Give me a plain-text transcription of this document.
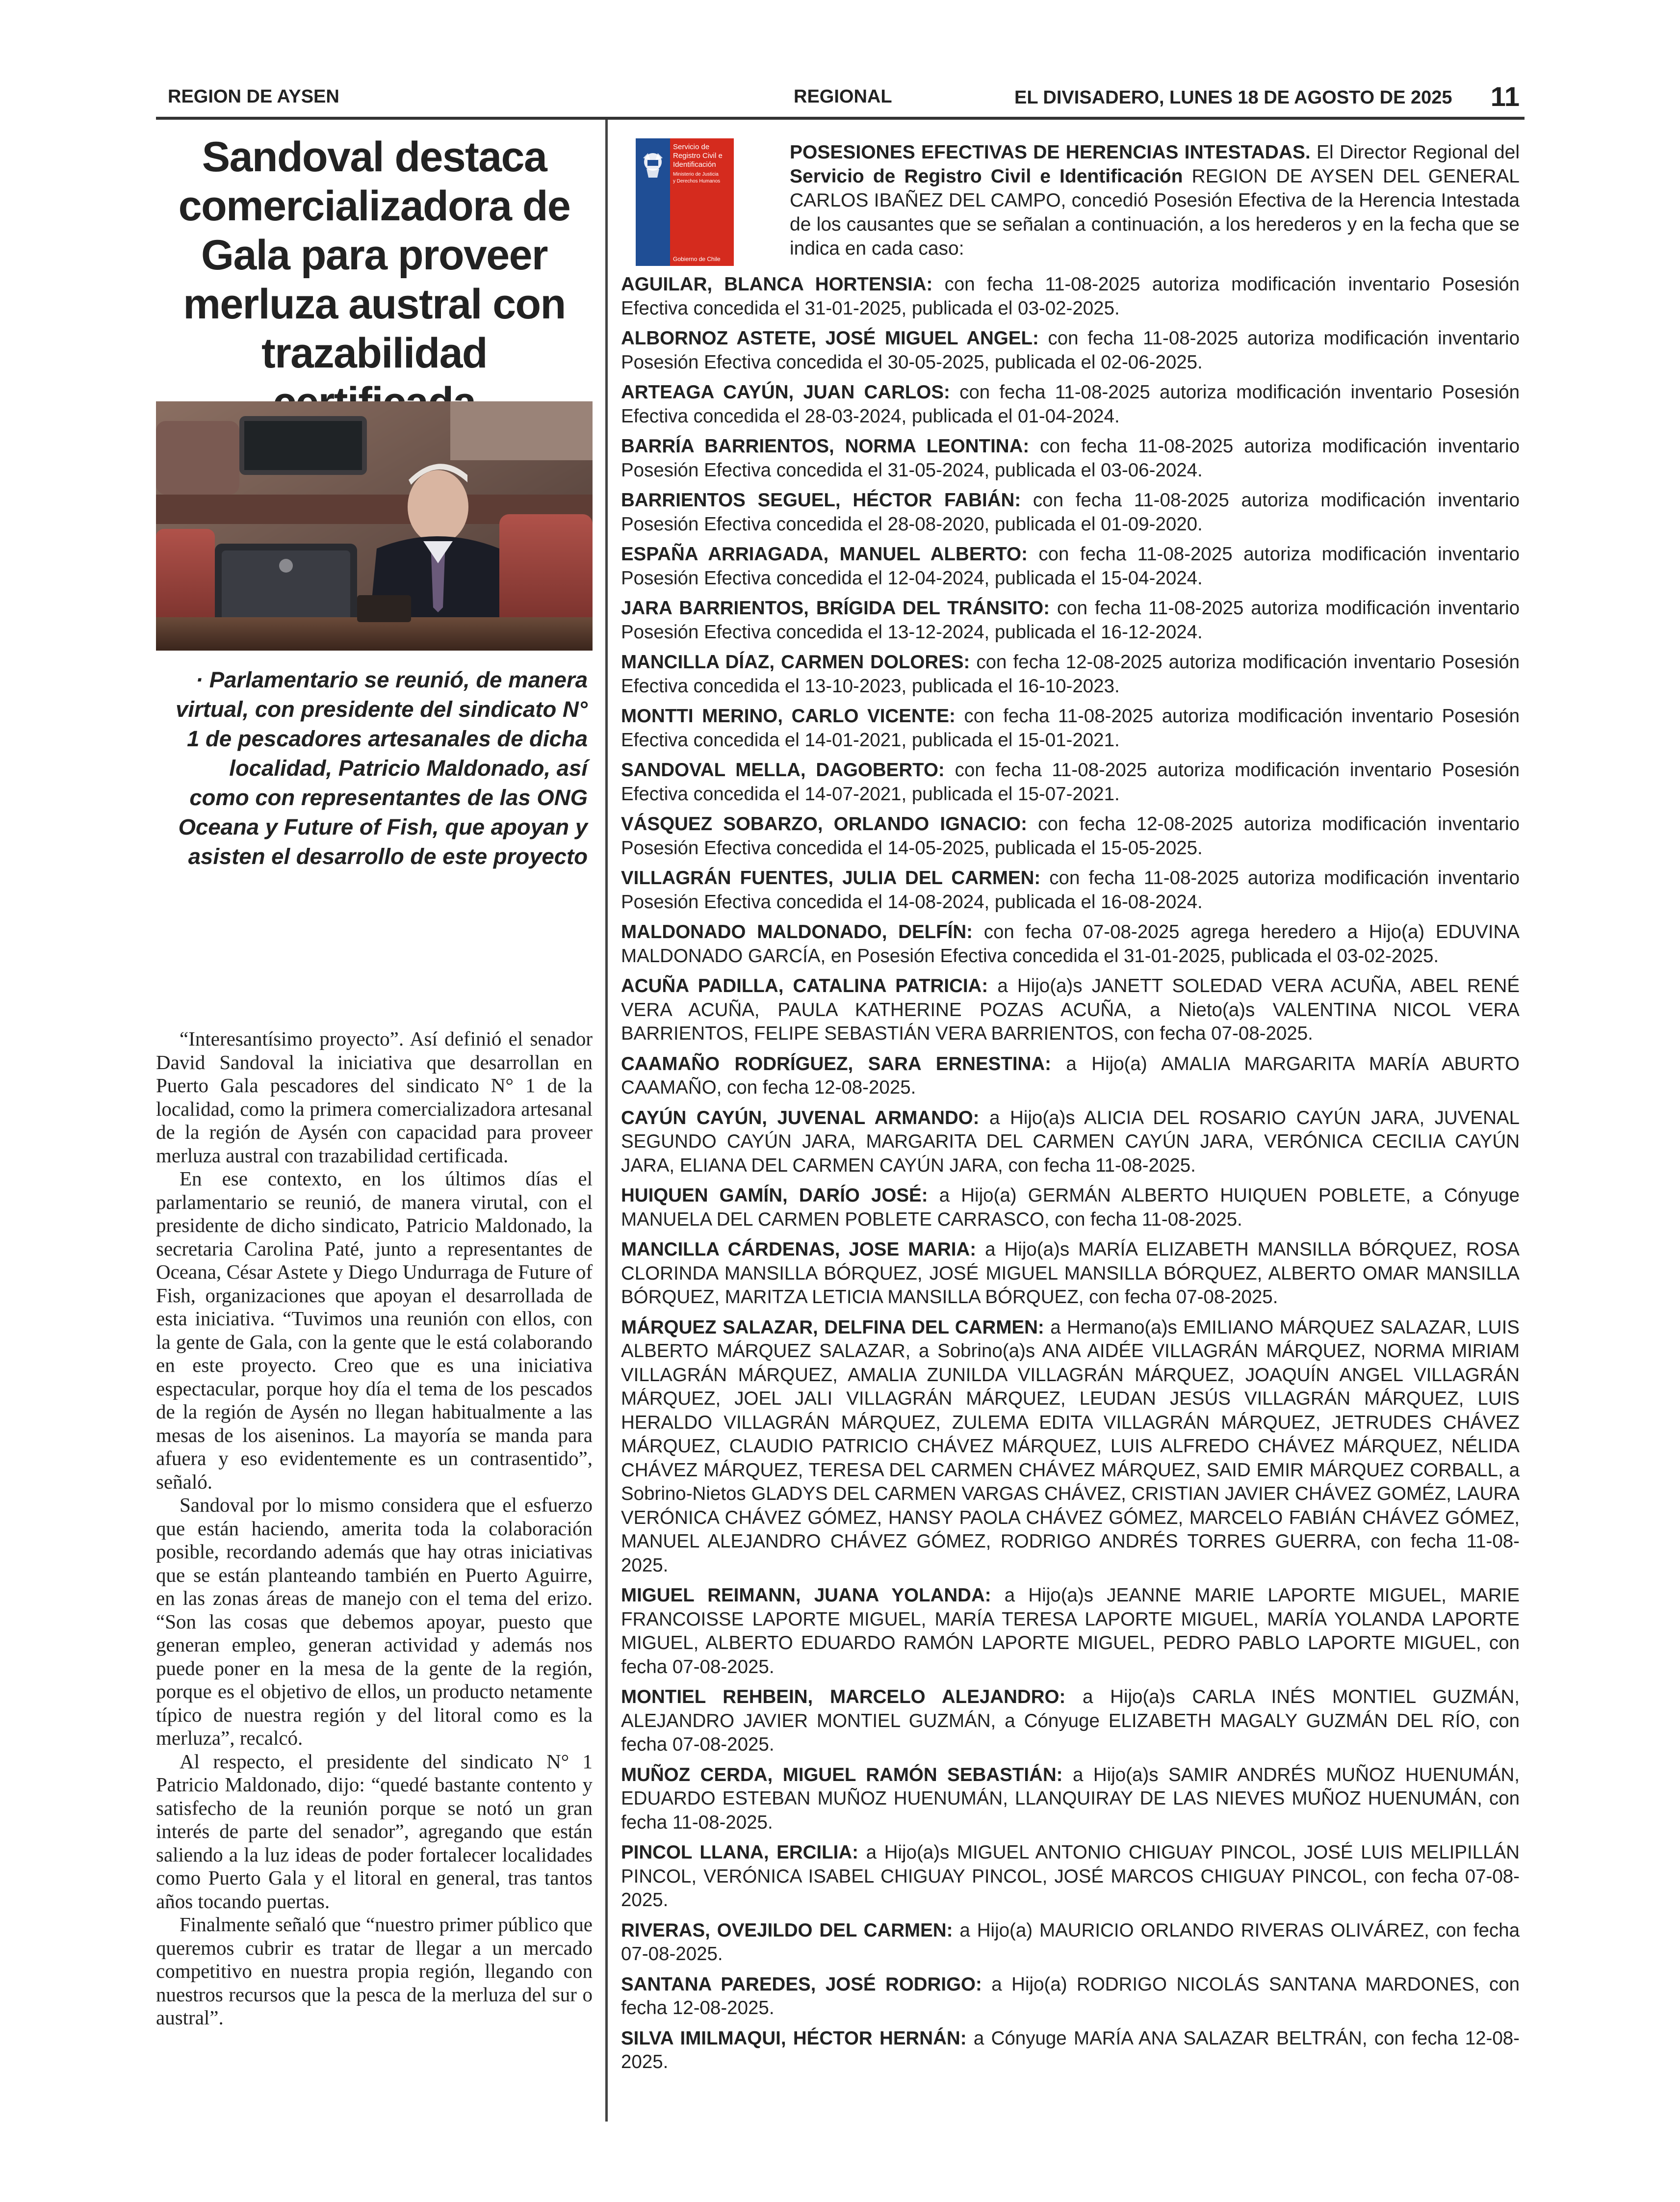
REGION DE AYSEN	REGIONAL	EL DIVISADERO, LUNES 18 DE AGOSTO DE 2025 11
Sandoval destaca comercializadora de Gala para proveer merluza austral con trazabilidad

· Parlamentario se reunió, de manera virtual, con presidente del sindicato N° 1 de pescadores artesanales de dicha localidad, Patricio Maldonado, así como con representantes de las ONG Oceana y Future of Fish, que apoyan y asisten el desarrollo de este proyecto

“Interesantísimo proyecto”. Así definió el senador David Sandoval la iniciativa que desarrollan en Puerto Gala pescadores del sindicato N° 1 de la localidad, como la primera comercializadora artesanal de la región de Aysén con capacidad para proveer merluza austral con trazabilidad certificada.

En ese contexto, en los últimos días el parlamentario se reunió, de manera virutal, con el presidente de dicho sindicato, Patricio Maldonado, la secretaria Carolina Paté, junto a representantes de Oceana, César Astete y Diego Undurraga de Future of Fish, organizaciones que apoyan el desarrollada de esta iniciativa. “Tuvimos una reunión con ellos, con la gente de Gala, con la gente que le está colaborando en este proyecto. Creo que es una iniciativa espectacular, porque hoy día el tema de los pescados de la región de Aysén no llegan habitualmente a las mesas de los aiseninos. La mayoría se manda para afuera y eso evidentemente es un contrasentido”, señaló.

Sandoval por lo mismo considera que el esfuerzo que están haciendo, amerita toda la colaboración posible, recordando además que hay otras iniciativas que se están planteando también en Puerto Aguirre, en las zonas áreas de manejo con el tema del erizo. “Son las cosas que debemos apoyar, puesto que generan empleo, generan actividad y además nos puede poner en la mesa de la gente de la región, porque es el objetivo de ellos, un producto netamente típico de nuestra región y del litoral como es la merluza”, recalcó.

Al respecto, el presidente del sindicato N° 1 Patricio Maldonado, dijo: “quedé bastante contento y satisfecho de la reunión porque se notó un gran interés de parte del senador”, agregando que están saliendo a la luz ideas de poder fortalecer localidades como Puerto Gala y el litoral en general, tras tantos años tocando puertas.

Finalmente señaló que “nuestro primer público que queremos cubrir es tratar de llegar a un mercado competitivo en nuestra propia región, llegando con nuestros recursos que la pesca de la merluza del sur o austral”.

Servicio de
Registro Civil e
Identificación
Ministerio de Justicia
y Derechos Humanos
Gobierno de Chile

POSESIONES EFECTIVAS DE HERENCIAS INTESTADAS. El Director Regional del Servicio de Registro Civil e Identificación REGION DE AYSEN DEL GENERAL CARLOS IBAÑEZ DEL CAMPO, concedió Posesión Efectiva de la Herencia Intestada de los causantes que se señalan a continuación, a los herederos y en la fecha que se indica en cada caso:

AGUILAR, BLANCA HORTENSIA: con fecha 11-08-2025 autoriza modificación inventario Posesión Efectiva concedida el 31-01-2025, publicada el 03-02-2025.

ALBORNOZ ASTETE, JOSÉ MIGUEL ANGEL: con fecha 11-08-2025 autoriza modificación inventario Posesión Efectiva concedida el 30-05-2025, publicada el 02-06-2025.

ARTEAGA CAYÚN, JUAN CARLOS: con fecha 11-08-2025 autoriza modificación inventario Posesión Efectiva concedida el 28-03-2024, publicada el 01-04-2024.

BARRÍA BARRIENTOS, NORMA LEONTINA: con fecha 11-08-2025 autoriza modificación inventario Posesión Efectiva concedida el 31-05-2024, publicada el 03-06-2024.

BARRIENTOS SEGUEL, HÉCTOR FABIÁN: con fecha 11-08-2025 autoriza modificación inventario Posesión Efectiva concedida el 28-08-2020, publicada el 01-09-2020.

ESPAÑA ARRIAGADA, MANUEL ALBERTO: con fecha 11-08-2025 autoriza modificación inventario Posesión Efectiva concedida el 12-04-2024, publicada el 15-04-2024.

JARA BARRIENTOS, BRÍGIDA DEL TRÁNSITO: con fecha 11-08-2025 autoriza modificación inventario Posesión Efectiva concedida el 13-12-2024, publicada el 16-12-2024.

MANCILLA DÍAZ, CARMEN DOLORES: con fecha 12-08-2025 autoriza modificación inventario Posesión Efectiva concedida el 13-10-2023, publicada el 16-10-2023.

MONTTI MERINO, CARLO VICENTE: con fecha 11-08-2025 autoriza modificación inventario Posesión Efectiva concedida el 14-01-2021, publicada el 15-01-2021.

SANDOVAL MELLA, DAGOBERTO: con fecha 11-08-2025 autoriza modificación inventario Posesión Efectiva concedida el 14-07-2021, publicada el 15-07-2021.

VÁSQUEZ SOBARZO, ORLANDO IGNACIO: con fecha 12-08-2025 autoriza modificación inventario Posesión Efectiva concedida el 14-05-2025, publicada el 15-05-2025.

VILLAGRÁN FUENTES, JULIA DEL CARMEN: con fecha 11-08-2025 autoriza modificación inventario Posesión Efectiva concedida el 14-08-2024, publicada el 16-08-2024.

MALDONADO MALDONADO, DELFÍN: con fecha 07-08-2025 agrega heredero a Hijo(a) EDUVINA MALDONADO GARCÍA, en Posesión Efectiva concedida el 31-01-2025, publicada el 03-02-2025.

ACUÑA PADILLA, CATALINA PATRICIA: a Hijo(a)s JANETT SOLEDAD VERA ACUÑA, ABEL RENÉ VERA ACUÑA, PAULA KATHERINE POZAS ACUÑA, a Nieto(a)s VALENTINA NICOL VERA BARRIENTOS, FELIPE SEBASTIÁN VERA BARRIENTOS, con fecha 07-08-2025.

CAAMAÑO RODRÍGUEZ, SARA ERNESTINA: a Hijo(a) AMALIA MARGARITA MARÍA ABURTO CAAMAÑO, con fecha 12-08-2025.

CAYÚN CAYÚN, JUVENAL ARMANDO: a Hijo(a)s ALICIA DEL ROSARIO CAYÚN JARA, JUVENAL SEGUNDO CAYÚN JARA, MARGARITA DEL CARMEN CAYÚN JARA, VERÓNICA CECILIA CAYÚN JARA, ELIANA DEL CARMEN CAYÚN JARA, con fecha 11-08-2025.

HUIQUEN GAMÍN, DARÍO JOSÉ: a Hijo(a) GERMÁN ALBERTO HUIQUEN POBLETE, a Cónyuge MANUELA DEL CARMEN POBLETE CARRASCO, con fecha 11-08-2025.

MANCILLA CÁRDENAS, JOSE MARIA: a Hijo(a)s MARÍA ELIZABETH MANSILLA BÓRQUEZ, ROSA CLORINDA MANSILLA BÓRQUEZ, JOSÉ MIGUEL MANSILLA BÓRQUEZ, ALBERTO OMAR MANSILLA BÓRQUEZ, MARITZA LETICIA MANSILLA BÓRQUEZ, con fecha 07-08-2025.

MÁRQUEZ SALAZAR, DELFINA DEL CARMEN: a Hermano(a)s EMILIANO MÁRQUEZ SALAZAR, LUIS ALBERTO MÁRQUEZ SALAZAR, a Sobrino(a)s ANA AIDÉE VILLAGRÁN MÁRQUEZ, NORMA MIRIAM VILLAGRÁN MÁRQUEZ, AMALIA ZUNILDA VILLAGRÁN MÁRQUEZ, JOAQUÍN ANGEL VILLAGRÁN MÁRQUEZ, JOEL JALI VILLAGRÁN MÁRQUEZ, LEUDAN JESÚS VILLAGRÁN MÁRQUEZ, LUIS HERALDO VILLAGRÁN MÁRQUEZ, ZULEMA EDITA VILLAGRÁN MÁRQUEZ, JETRUDES CHÁVEZ MÁRQUEZ, CLAUDIO PATRICIO CHÁVEZ MÁRQUEZ, LUIS ALFREDO CHÁVEZ MÁRQUEZ, NÉLIDA CHÁVEZ MÁRQUEZ, TERESA DEL CARMEN CHÁVEZ MÁRQUEZ, SAID EMIR MÁRQUEZ CORBALL, a Sobrino-Nietos GLADYS DEL CARMEN VARGAS CHÁVEZ, CRISTIAN JAVIER CHÁVEZ GOMÉZ, LAURA VERÓNICA CHÁVEZ GÓMEZ, HANSY PAOLA CHÁVEZ GÓMEZ, MARCELO FABIÁN CHÁVEZ GÓMEZ, MANUEL ALEJANDRO CHÁVEZ GÓMEZ, RODRIGO ANDRÉS TORRES GUERRA, con fecha 11-08-2025.

MIGUEL REIMANN, JUANA YOLANDA: a Hijo(a)s JEANNE MARIE LAPORTE MIGUEL, MARIE FRANCOISSE LAPORTE MIGUEL, MARÍA TERESA LAPORTE MIGUEL, MARÍA YOLANDA LAPORTE MIGUEL, ALBERTO EDUARDO RAMÓN LAPORTE MIGUEL, PEDRO PABLO LAPORTE MIGUEL, con fecha 07-08-2025.

MONTIEL REHBEIN, MARCELO ALEJANDRO: a Hijo(a)s CARLA INÉS MONTIEL GUZMÁN, ALEJANDRO JAVIER MONTIEL GUZMÁN, a Cónyuge ELIZABETH MAGALY GUZMÁN DEL RÍO, con fecha 07-08-2025.

MUÑOZ CERDA, MIGUEL RAMÓN SEBASTIÁN: a Hijo(a)s SAMIR ANDRÉS MUÑOZ HUENUMÁN, EDUARDO ESTEBAN MUÑOZ HUENUMÁN, LLANQUIRAY DE LAS NIEVES MUÑOZ HUENUMÁN, con fecha 11-08-2025.

PINCOL LLANA, ERCILIA: a Hijo(a)s MIGUEL ANTONIO CHIGUAY PINCOL, JOSÉ LUIS MELIPILLÁN PINCOL, VERÓNICA ISABEL CHIGUAY PINCOL, JOSÉ MARCOS CHIGUAY PINCOL, con fecha 07-08-2025.

RIVERAS, OVEJILDO DEL CARMEN: a Hijo(a) MAURICIO ORLANDO RIVERAS OLIVÁREZ, con fecha 07-08-2025.

SANTANA PAREDES, JOSÉ RODRIGO: a Hijo(a) RODRIGO NICOLÁS SANTANA MARDONES, con fecha 12-08-2025.

SILVA IMILMAQUI, HÉCTOR HERNÁN: a Cónyuge MARÍA ANA SALAZAR BELTRÁN, con fecha 12-08-2025.
